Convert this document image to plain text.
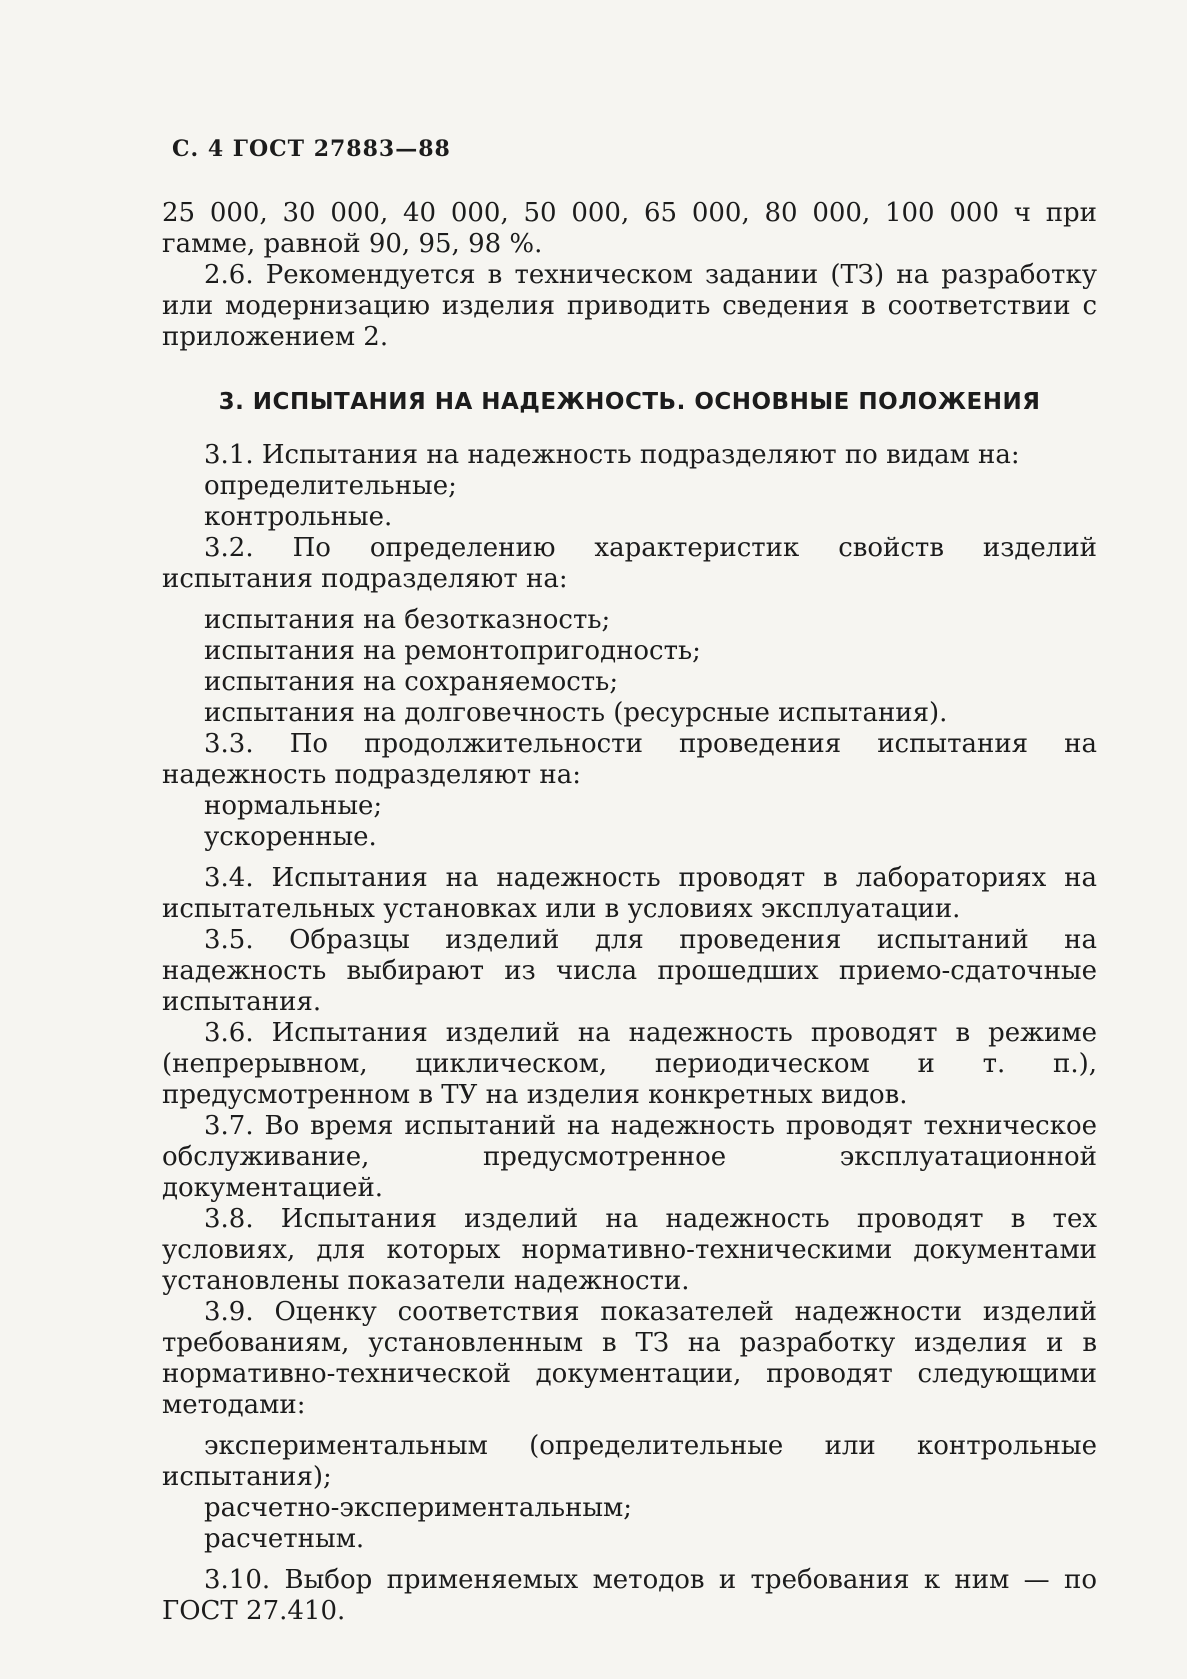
С. 4 ГОСТ 27883—88

25 000, 30 000, 40 000, 50 000, 65 000, 80 000, 100 000 ч при гамме, равной 90, 95, 98 %.

2.6. Рекомендуется в техническом задании (ТЗ) на разработку или модернизацию изделия приводить сведения в соответствии с приложением 2.

3. ИСПЫТАНИЯ НА НАДЕЖНОСТЬ. ОСНОВНЫЕ ПОЛОЖЕНИЯ

3.1. Испытания на надежность подразделяют по видам на:

определительные;

контрольные.

3.2. По определению характеристик свойств изделий испытания подразделяют на:

испытания на безотказность;

испытания на ремонтопригодность;

испытания на сохраняемость;

испытания на долговечность (ресурсные испытания).

3.3. По продолжительности проведения испытания на надежность подразделяют на:

нормальные;

ускоренные.

3.4. Испытания на надежность проводят в лабораториях на испытательных установках или в условиях эксплуатации.

3.5. Образцы изделий для проведения испытаний на надежность выбирают из числа прошедших приемо-сдаточные испытания.

3.6. Испытания изделий на надежность проводят в режиме (непрерывном, циклическом, периодическом и т. п.), предусмотренном в ТУ на изделия конкретных видов.

3.7. Во время испытаний на надежность проводят техническое обслуживание, предусмотренное эксплуатационной документацией.

3.8. Испытания изделий на надежность проводят в тех условиях, для которых нормативно-техническими документами установлены показатели надежности.

3.9. Оценку соответствия показателей надежности изделий требованиям, установленным в ТЗ на разработку изделия и в нормативно-технической документации, проводят следующими методами:

экспериментальным (определительные или контрольные испытания);

расчетно-экспериментальным;

расчетным.

3.10. Выбор применяемых методов и требования к ним — по ГОСТ 27.410.
